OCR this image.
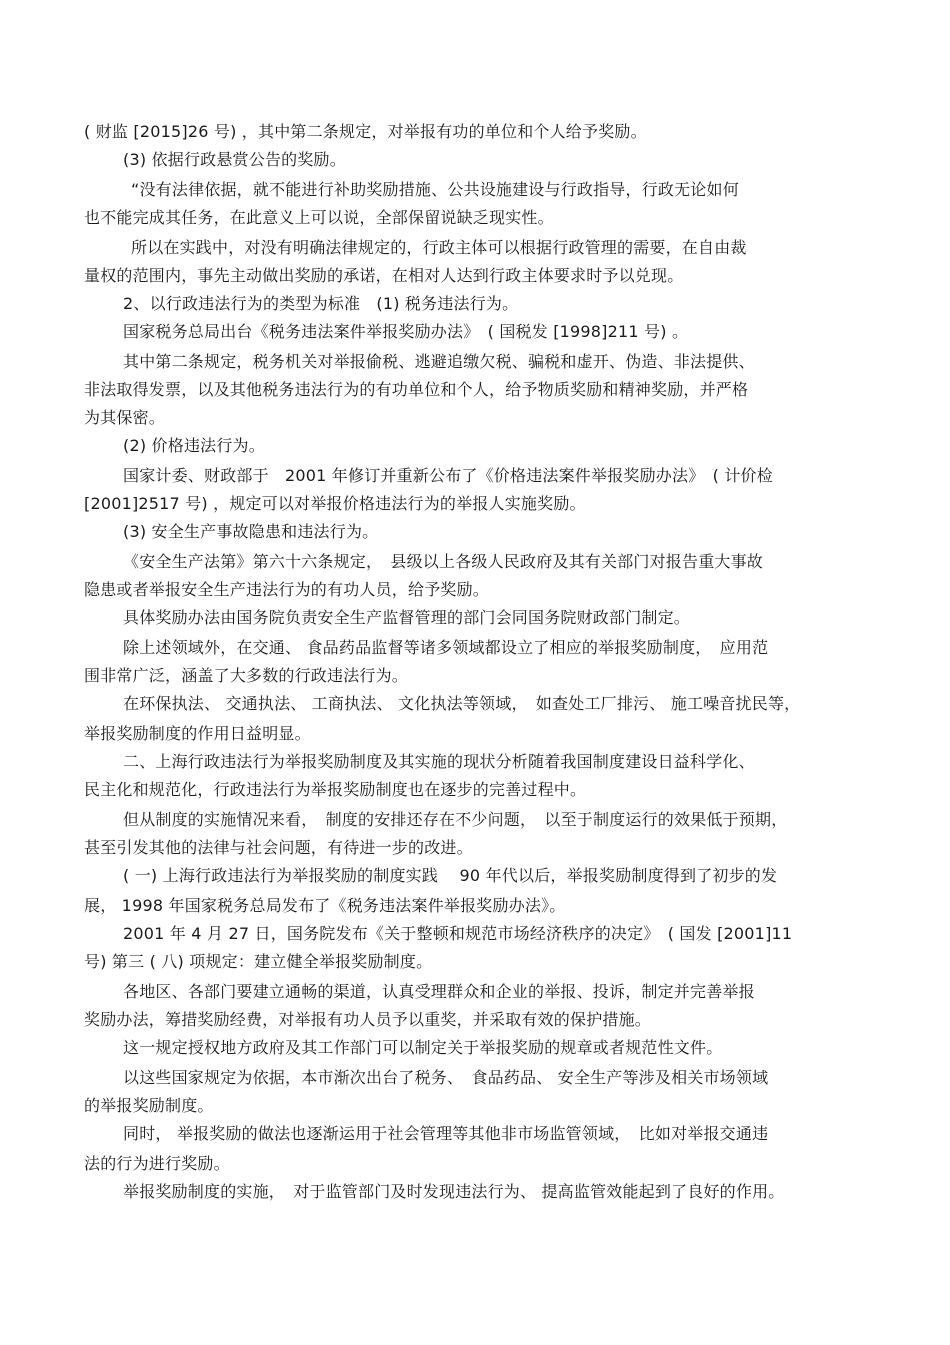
( 财监 [2015]26 号) ，其中第二条规定，对举报有功的单位和个人给予奖励。
(3) 依据行政悬赏公告的奖励。
“没有法律依据，就不能进行补助奖励措施、公共设施建设与行政指导，行政无论如何
也不能完成其任务，在此意义上可以说，全部保留说缺乏现实性。
所以在实践中，对没有明确法律规定的，行政主体可以根据行政管理的需要，在自由裁
量权的范围内，事先主动做出奖励的承诺，在相对人达到行政主体要求时予以兑现。
2、以行政违法行为的类型为标准　(1) 税务违法行为。
国家税务总局出台《税务违法案件举报奖励办法》　( 国税发 [1998]211 号) 。
其中第二条规定，税务机关对举报偷税、逃避追缴欠税、骗税和虚开、伪造、非法提供、
非法取得发票，以及其他税务违法行为的有功单位和个人，给予物质奖励和精神奖励，并严格
为其保密。
(2) 价格违法行为。
国家计委、财政部于　2001 年修订并重新公布了《价格违法案件举报奖励办法》　( 计价检
[2001]2517 号) ，规定可以对举报价格违法行为的举报人实施奖励。
(3) 安全生产事故隐患和违法行为。
《安全生产法第》第六十六条规定，　县级以上各级人民政府及其有关部门对报告重大事故
隐患或者举报安全生产违法行为的有功人员，给予奖励。
具体奖励办法由国务院负责安全生产监督管理的部门会同国务院财政部门制定。
除上述领域外，在交通、 食品药品监督等诸多领域都设立了相应的举报奖励制度，　应用范
围非常广泛，涵盖了大多数的行政违法行为。
在环保执法、 交通执法、 工商执法、 文化执法等领域，　如查处工厂排污、 施工噪音扰民等，
举报奖励制度的作用日益明显。
二、上海行政违法行为举报奖励制度及其实施的现状分析随着我国制度建设日益科学化、
民主化和规范化，行政违法行为举报奖励制度也在逐步的完善过程中。
但从制度的实施情况来看，　制度的安排还存在不少问题，　以至于制度运行的效果低于预期，
甚至引发其他的法律与社会问题，有待进一步的改进。
( 一) 上海行政违法行为举报奖励的制度实践　 90 年代以后，举报奖励制度得到了初步的发
展， 1998 年国家税务总局发布了《税务违法案件举报奖励办法》。
2001 年 4 月 27 日，国务院发布《关于整顿和规范市场经济秩序的决定》　( 国发 [2001]11
号) 第三 ( 八) 项规定：建立健全举报奖励制度。
各地区、各部门要建立通畅的渠道，认真受理群众和企业的举报、投诉，制定并完善举报
奖励办法，筹措奖励经费，对举报有功人员予以重奖，并采取有效的保护措施。
这一规定授权地方政府及其工作部门可以制定关于举报奖励的规章或者规范性文件。
以这些国家规定为依据，本市渐次出台了税务、　食品药品、 安全生产等涉及相关市场领域
的举报奖励制度。
同时， 举报奖励的做法也逐渐运用于社会管理等其他非市场监管领域，　比如对举报交通违
法的行为进行奖励。
举报奖励制度的实施，　对于监管部门及时发现违法行为、 提高监管效能起到了良好的作用。
